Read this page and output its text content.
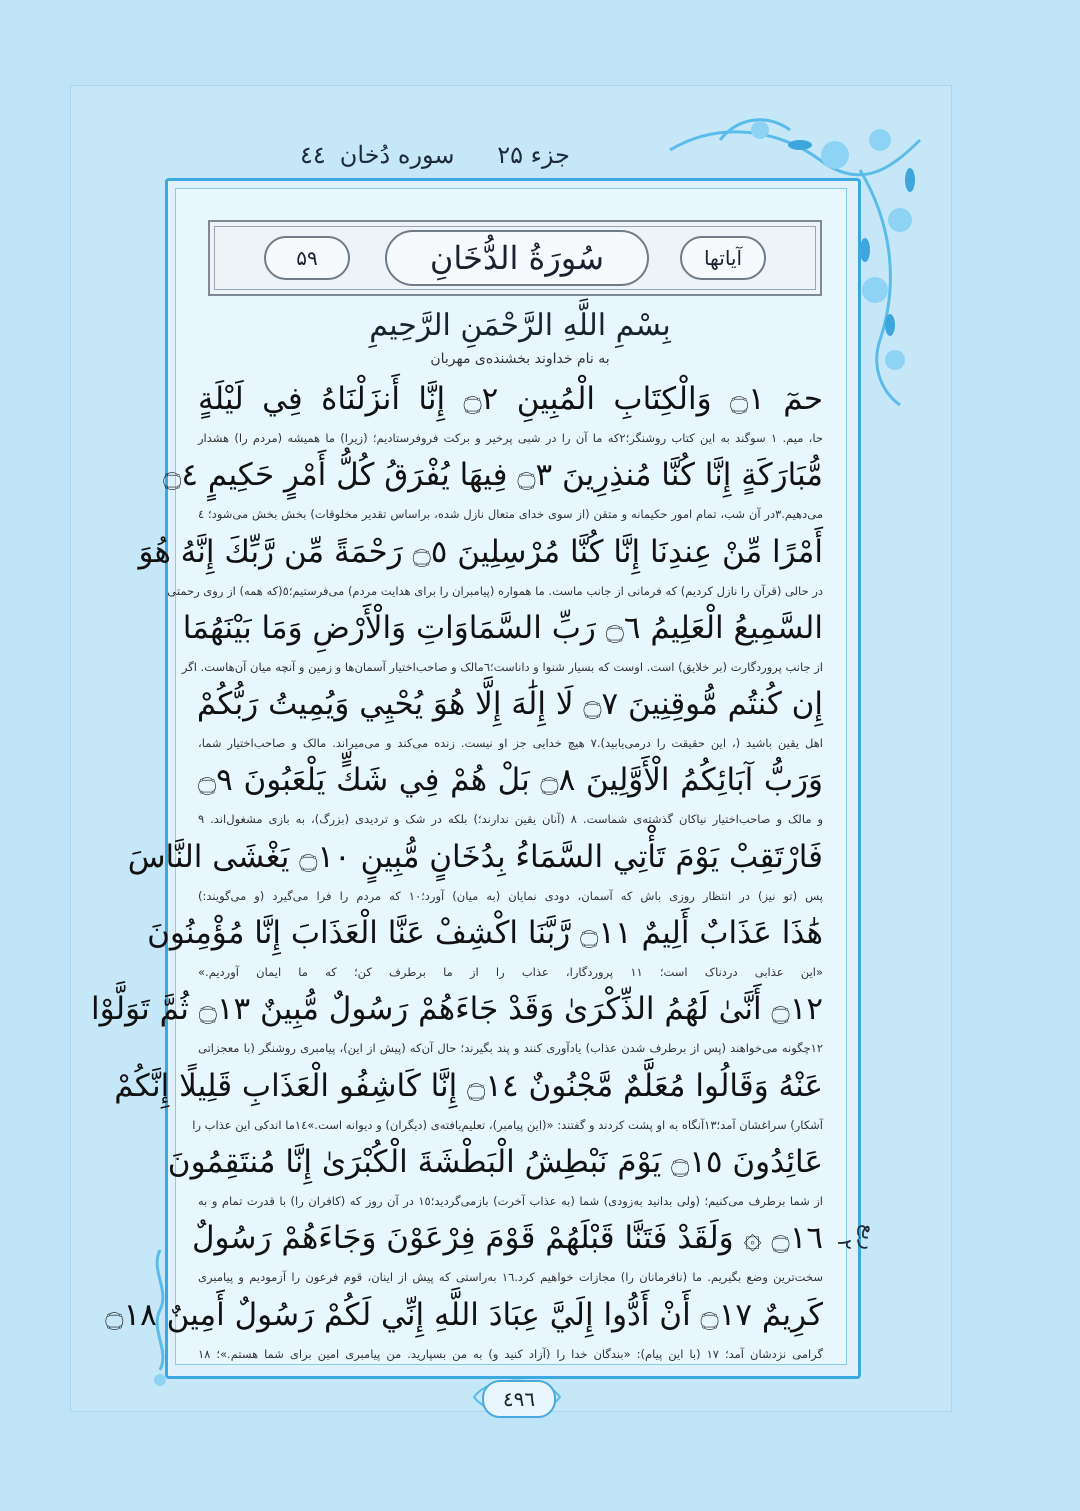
جزء ۲۵
سوره دُخان
٤٤
آیاتها
سُورَةُ الدُّخَانِ
۵۹
بِسْمِ اللَّهِ الرَّحْمَنِ الرَّحِيمِ
به نام خداوند بخشنده‌ی مهربان
حمٓ ۝١ وَالْكِتَابِ الْمُبِينِ ۝٢ إِنَّا أَنزَلْنَاهُ فِي لَيْلَةٍ
حا، میم. ١ سوگند به این کتاب روشنگر؛٢که ما آن را در شبی پرخیر و برکت فروفرستادیم؛ (زیرا) ما همیشه (مردم را) هشدار
مُّبَارَكَةٍ إِنَّا كُنَّا مُنذِرِينَ ۝٣ فِيهَا يُفْرَقُ كُلُّ أَمْرٍ حَكِيمٍ ۝٤
می‌دهیم.٣در آن شب، تمام امور حکیمانه و متقن (از سوی خدای متعال نازل شده، براساس تقدیر مخلوقات) بخش بخش می‌شود؛ ٤
أَمْرًا مِّنْ عِندِنَا إِنَّا كُنَّا مُرْسِلِينَ ۝٥ رَحْمَةً مِّن رَّبِّكَ إِنَّهُ هُوَ
در حالی (قرآن را نازل کردیم) که فرمانی از جانب ماست. ما همواره (پیامبران را برای هدایت مردم) می‌فرستیم؛٥(که همه) از روی رحمتی
السَّمِيعُ الْعَلِيمُ ۝٦ رَبِّ السَّمَاوَاتِ وَالْأَرْضِ وَمَا بَيْنَهُمَا
از جانب پروردگارت (بر خلایق) است. اوست که بسیار شنوا و داناست؛٦مالک و صاحب‌اختیار آسمان‌ها و زمین و آنچه میان آن‌هاست. اگر
إِن كُنتُم مُّوقِنِينَ ۝٧ لَا إِلَٰهَ إِلَّا هُوَ يُحْيِي وَيُمِيتُ رَبُّكُمْ
اهل یقین باشید (، این حقیقت را درمی‌یابید).٧ هیچ خدایی جز او نیست. زنده می‌کند و می‌میراند. مالک و صاحب‌اختیار شما،
وَرَبُّ آبَائِكُمُ الْأَوَّلِينَ ۝٨ بَلْ هُمْ فِي شَكٍّ يَلْعَبُونَ ۝٩
و مالک و صاحب‌اختیار نیاکان گذشته‌ی شماست. ٨ (آنان یقین ندارند؛) بلکه در شک و تردیدی (بزرگ)، به بازی مشغول‌اند. ٩
فَارْتَقِبْ يَوْمَ تَأْتِي السَّمَاءُ بِدُخَانٍ مُّبِينٍ ۝١٠ يَغْشَى النَّاسَ
پس (تو نیز) در انتظار روزی باش که آسمان، دودی نمایان (به میان) آورد؛١٠ که مردم را فرا می‌گیرد (و می‌گویند:)
هَٰذَا عَذَابٌ أَلِيمٌ ۝١١ رَّبَّنَا اكْشِفْ عَنَّا الْعَذَابَ إِنَّا مُؤْمِنُونَ
«این عذابی دردناک است؛ ١١ پروردگارا، عذاب را از ما برطرف کن؛ که ما ایمان آوردیم.»
۝١٢ أَنَّىٰ لَهُمُ الذِّكْرَىٰ وَقَدْ جَاءَهُمْ رَسُولٌ مُّبِينٌ ۝١٣ ثُمَّ تَوَلَّوْا
١٢چگونه می‌خواهند (پس از برطرف شدن عذاب) یادآوری کنند و پند بگیرند؛ حال آن‌که (پیش از این)، پیامبری روشنگر (با معجزاتی
عَنْهُ وَقَالُوا مُعَلَّمٌ مَّجْنُونٌ ۝١٤ إِنَّا كَاشِفُو الْعَذَابِ قَلِيلًا إِنَّكُمْ
آشکار) سراغشان آمد؛١٣آنگاه به او پشت کردند و گفتند: «(این پیامبر)، تعلیم‌یافته‌ی (دیگران) و دیوانه است.»١٤ما اندکی این عذاب را
عَائِدُونَ ۝١٥ يَوْمَ نَبْطِشُ الْبَطْشَةَ الْكُبْرَىٰ إِنَّا مُنتَقِمُونَ
از شما برطرف می‌کنیم؛ (ولی بدانید به‌زودی) شما (به عذاب آخرت) بازمی‌گردید؛١٥ در آن روز که (کافران را) با قدرت تمام و به
۝١٦ ۞ وَلَقَدْ فَتَنَّا قَبْلَهُمْ قَوْمَ فِرْعَوْنَ وَجَاءَهُمْ رَسُولٌ
سخت‌ترین وضع بگیریم. ما (نافرمانان را) مجازات خواهیم کرد.١٦ به‌راستی که پیش از اینان، قوم فرعون را آزمودیم و پیامبری
كَرِيمٌ ۝١٧ أَنْ أَدُّوا إِلَيَّ عِبَادَ اللَّهِ إِنِّي لَكُمْ رَسُولٌ أَمِينٌ ۝١٨
گرامی نزدشان آمد؛ ١٧ (با این پیام): «بندگان خدا را (آزاد کنید و) به من بسپارید. من پیامبری امین برای شما هستم.»؛ ١٨
ربع ۲
٤٩٦
